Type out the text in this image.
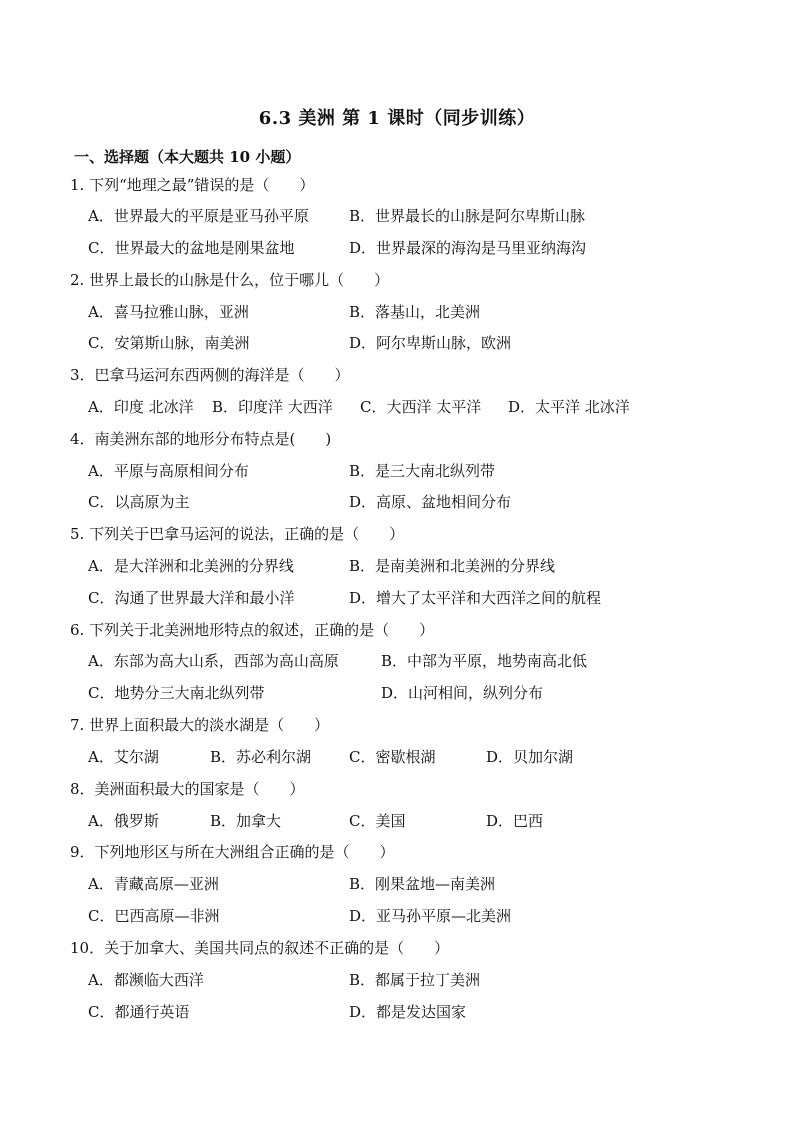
6.3 美洲 第 1 课时（同步训练）
一、选择题（本大题共 10 小题）
1. 下列“地理之最”错误的是（　　）
A．世界最大的平原是亚马孙平原	B．世界最长的山脉是阿尔卑斯山脉
C．世界最大的盆地是刚果盆地	D．世界最深的海沟是马里亚纳海沟
2. 世界上最长的山脉是什么，位于哪儿（　　）
A．喜马拉雅山脉，亚洲	B．落基山，北美洲
C．安第斯山脉，南美洲	D．阿尔卑斯山脉，欧洲
3．巴拿马运河东西两侧的海洋是（　　）
A．印度 北冰洋 B．印度洋 大西洋 C．大西洋 太平洋 D．太平洋 北冰洋
4．南美洲东部的地形分布特点是(　　)
A．平原与高原相间分布	B．是三大南北纵列带
C．以高原为主	D．高原、盆地相间分布
5. 下列关于巴拿马运河的说法，正确的是（　　）
A．是大洋洲和北美洲的分界线	B．是南美洲和北美洲的分界线
C．沟通了世界最大洋和最小洋	D．增大了太平洋和大西洋之间的航程
6. 下列关于北美洲地形特点的叙述，正确的是（　　）
A．东部为高大山系，西部为高山高原	B．中部为平原，地势南高北低
C．地势分三大南北纵列带	D．山河相间，纵列分布
7. 世界上面积最大的淡水湖是（　　）
A．艾尔湖	B．苏必利尔湖	C．密歇根湖	D．贝加尔湖
8．美洲面积最大的国家是（　　）
A．俄罗斯	B．加拿大	C．美国	D．巴西
9．下列地形区与所在大洲组合正确的是（　　）
A．青藏高原—亚洲	B．刚果盆地—南美洲
C．巴西高原—非洲	D．亚马孙平原—北美洲
10．关于加拿大、美国共同点的叙述不正确的是（　　）
A．都濒临大西洋	B．都属于拉丁美洲
C．都通行英语	D．都是发达国家
